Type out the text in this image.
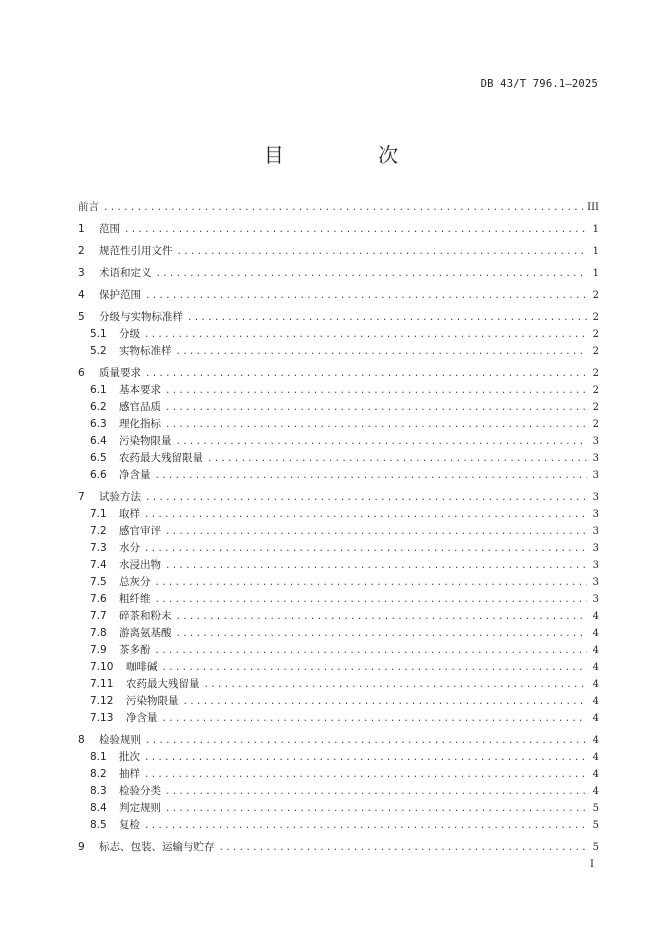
DB 43/T 796.1—2025
目 次
前言 .....	III
1	范围 .....	1
2	规范性引用文件 .....	1
3	术语和定义 .....	1
4	保护范围 .....	2
5	分级与实物标准样 .....	2
5.1	分级 .....	2
5.2	实物标准样 .....	2
6	质量要求 .....	2
6.1	基本要求 .....	2
6.2	感官品质 .....	2
6.3	理化指标 .....	2
6.4	污染物限量 .....	3
6.5	农药最大残留限量 .....	3
6.6	净含量 .....	3
7	试验方法 .....	3
7.1	取样 .....	3
7.2	感官审评 .....	3
7.3	水分 .....	3
7.4	水浸出物 .....	3
7.5	总灰分 .....	3
7.6	粗纤维 .....	3
7.7	碎茶和粉末 .....	4
7.8	游离氨基酸 .....	4
7.9	茶多酚 .....	4
7.10	咖啡碱 .....	4
7.11	农药最大残留量 .....	4
7.12	污染物限量 .....	4
7.13	净含量 .....	4
8	检验规则 .....	4
8.1	批次 .....	4
8.2	抽样 .....	4
8.3	检验分类 .....	4
8.4	判定规则 .....	5
8.5	复检 .....	5
9	标志、包装、运输与贮存 .....	5
I
